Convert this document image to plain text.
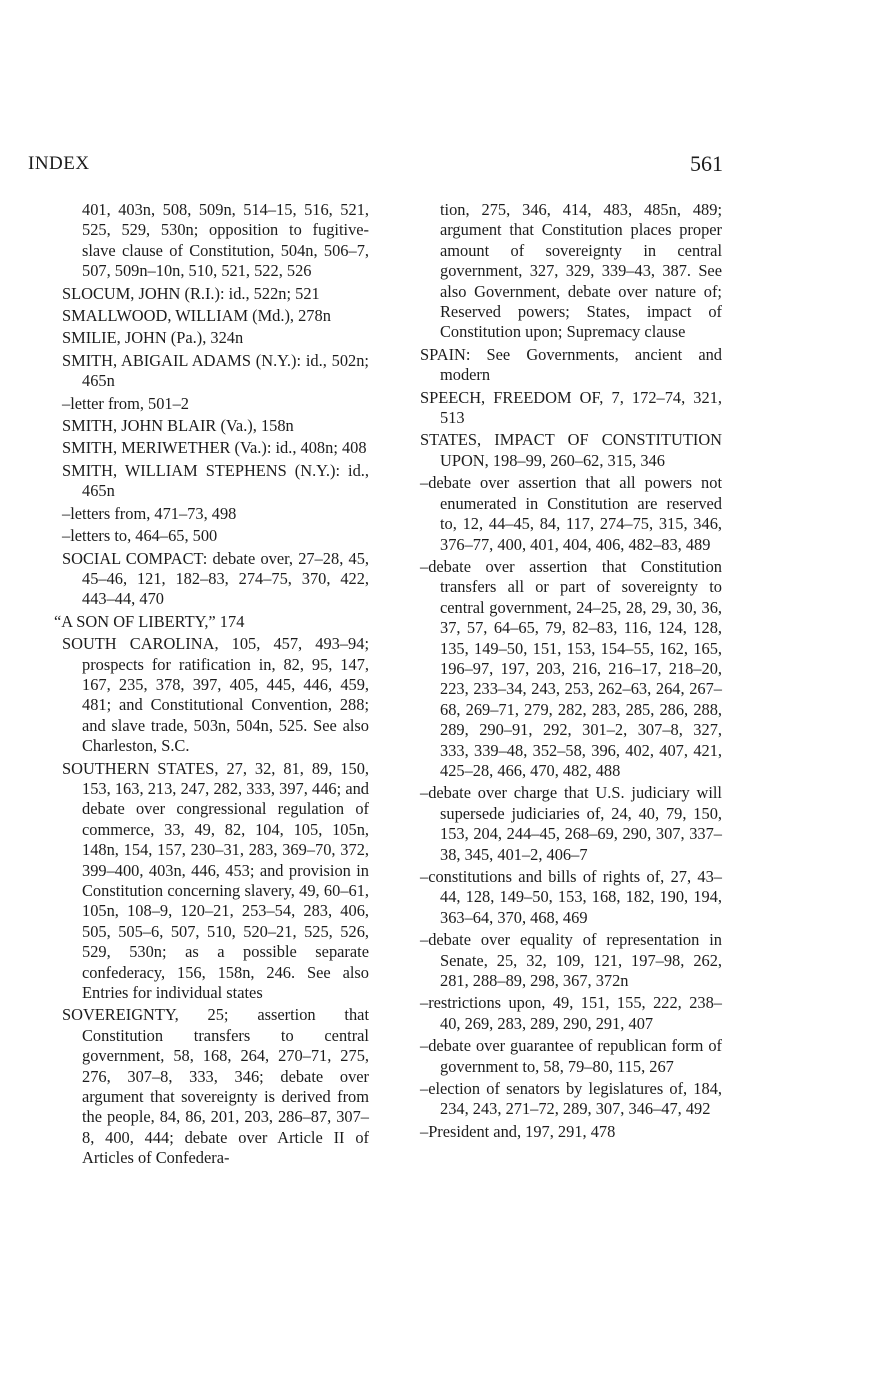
INDEX	561
401, 403n, 508, 509n, 514–15, 516, 521, 525, 529, 530n; opposition to fugitive-slave clause of Constitution, 504n, 506–7, 507, 509n–10n, 510, 521, 522, 526
SLOCUM, JOHN (R.I.): id., 522n; 521
SMALLWOOD, WILLIAM (Md.), 278n
SMILIE, JOHN (Pa.), 324n
SMITH, ABIGAIL ADAMS (N.Y.): id., 502n; 465n
–letter from, 501–2
SMITH, JOHN BLAIR (Va.), 158n
SMITH, MERIWETHER (Va.): id., 408n; 408
SMITH, WILLIAM STEPHENS (N.Y.): id., 465n
–letters from, 471–73, 498
–letters to, 464–65, 500
SOCIAL COMPACT: debate over, 27–28, 45, 45–46, 121, 182–83, 274–75, 370, 422, 443–44, 470
“A SON OF LIBERTY,” 174
SOUTH CAROLINA, 105, 457, 493–94; prospects for ratification in, 82, 95, 147, 167, 235, 378, 397, 405, 445, 446, 459, 481; and Constitutional Convention, 288; and slave trade, 503n, 504n, 525. See also Charleston, S.C.
SOUTHERN STATES, 27, 32, 81, 89, 150, 153, 163, 213, 247, 282, 333, 397, 446; and debate over congressional regulation of commerce, 33, 49, 82, 104, 105, 105n, 148n, 154, 157, 230–31, 283, 369–70, 372, 399–400, 403n, 446, 453; and provision in Constitution concerning slavery, 49, 60–61, 105n, 108–9, 120–21, 253–54, 283, 406, 505, 505–6, 507, 510, 520–21, 525, 526, 529, 530n; as a possible separate confederacy, 156, 158n, 246. See also Entries for individual states
SOVEREIGNTY, 25; assertion that Constitution transfers to central government, 58, 168, 264, 270–71, 275, 276, 307–8, 333, 346; debate over argument that sovereignty is derived from the people, 84, 86, 201, 203, 286–87, 307–8, 400, 444; debate over Article II of Articles of Confedera-
tion, 275, 346, 414, 483, 485n, 489; argument that Constitution places proper amount of sovereignty in central government, 327, 329, 339–43, 387. See also Government, debate over nature of; Reserved powers; States, impact of Constitution upon; Supremacy clause
SPAIN: See Governments, ancient and modern
SPEECH, FREEDOM OF, 7, 172–74, 321, 513
STATES, IMPACT OF CONSTITUTION UPON, 198–99, 260–62, 315, 346
–debate over assertion that all powers not enumerated in Constitution are reserved to, 12, 44–45, 84, 117, 274–75, 315, 346, 376–77, 400, 401, 404, 406, 482–83, 489
–debate over assertion that Constitution transfers all or part of sovereignty to central government, 24–25, 28, 29, 30, 36, 37, 57, 64–65, 79, 82–83, 116, 124, 128, 135, 149–50, 151, 153, 154–55, 162, 165, 196–97, 197, 203, 216, 216–17, 218–20, 223, 233–34, 243, 253, 262–63, 264, 267–68, 269–71, 279, 282, 283, 285, 286, 288, 289, 290–91, 292, 301–2, 307–8, 327, 333, 339–48, 352–58, 396, 402, 407, 421, 425–28, 466, 470, 482, 488
–debate over charge that U.S. judiciary will supersede judiciaries of, 24, 40, 79, 150, 153, 204, 244–45, 268–69, 290, 307, 337–38, 345, 401–2, 406–7
–constitutions and bills of rights of, 27, 43–44, 128, 149–50, 153, 168, 182, 190, 194, 363–64, 370, 468, 469
–debate over equality of representation in Senate, 25, 32, 109, 121, 197–98, 262, 281, 288–89, 298, 367, 372n
–restrictions upon, 49, 151, 155, 222, 238–40, 269, 283, 289, 290, 291, 407
–debate over guarantee of republican form of government to, 58, 79–80, 115, 267
–election of senators by legislatures of, 184, 234, 243, 271–72, 289, 307, 346–47, 492
–President and, 197, 291, 478
